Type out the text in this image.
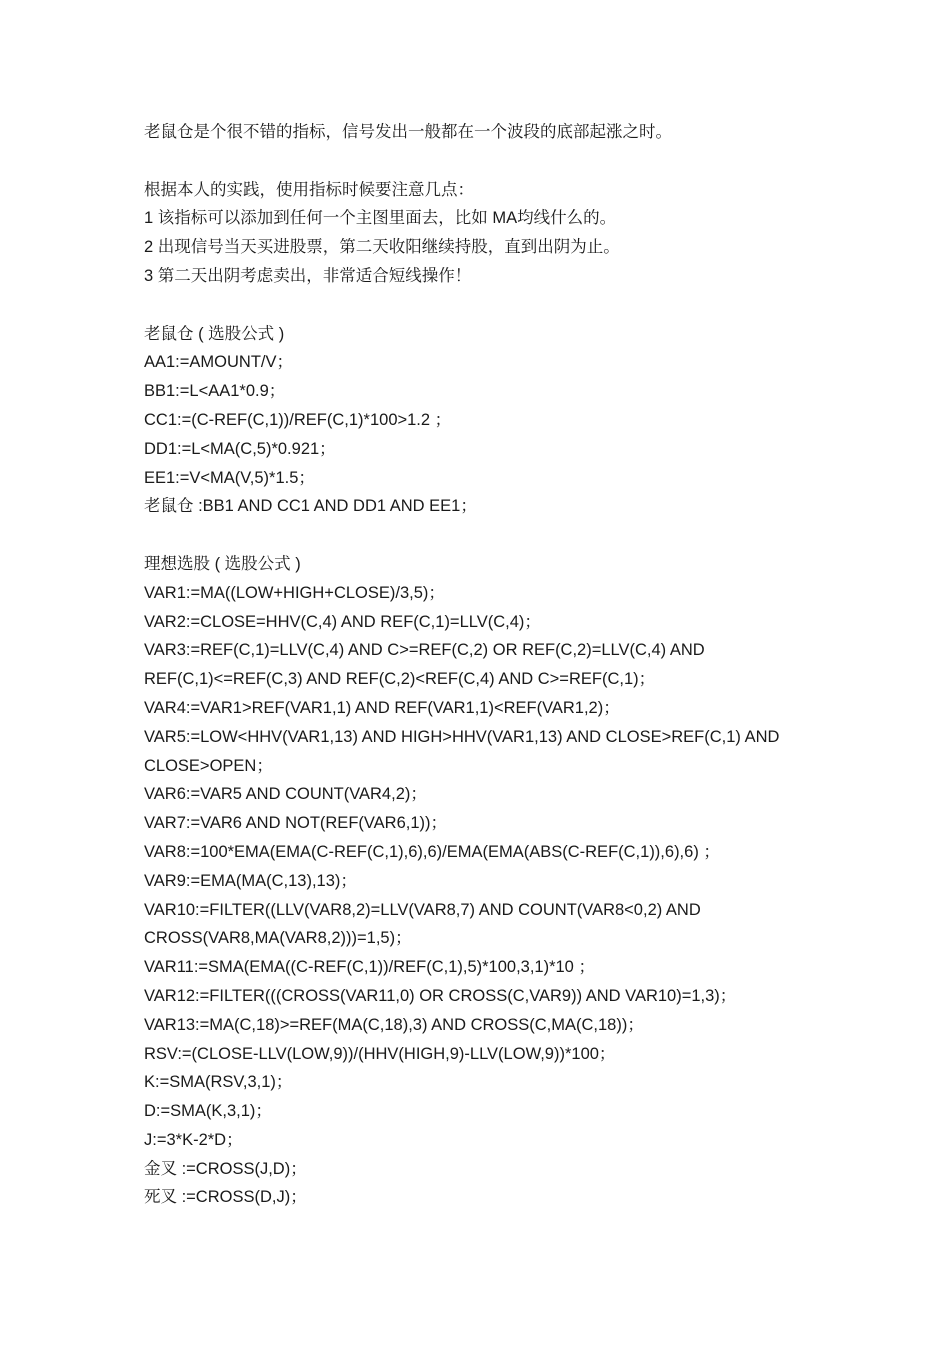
老鼠仓是个很不错的指标，信号发出一般都在一个波段的底部起涨之时。
根据本人的实践，使用指标时候要注意几点：
1 该指标可以添加到任何一个主图里面去，比如 MA均线什么的。
2 出现信号当天买进股票，第二天收阳继续持股，直到出阴为止。
3 第二天出阴考虑卖出，非常适合短线操作！
老鼠仓 ( 选股公式 )
AA1:=AMOUNT/V；
BB1:=L<AA1*0.9；
CC1:=(C-REF(C,1))/REF(C,1)*100>1.2 ；
DD1:=L<MA(C,5)*0.921；
EE1:=V<MA(V,5)*1.5；
老鼠仓 :BB1 AND CC1 AND DD1 AND EE1；
理想选股 ( 选股公式 )
VAR1:=MA((LOW+HIGH+CLOSE)/3,5)；
VAR2:=CLOSE=HHV(C,4) AND REF(C,1)=LLV(C,4)；
VAR3:=REF(C,1)=LLV(C,4) AND C>=REF(C,2) OR REF(C,2)=LLV(C,4) AND
REF(C,1)<=REF(C,3) AND REF(C,2)<REF(C,4) AND C>=REF(C,1)；
VAR4:=VAR1>REF(VAR1,1) AND REF(VAR1,1)<REF(VAR1,2)；
VAR5:=LOW<HHV(VAR1,13) AND HIGH>HHV(VAR1,13) AND CLOSE>REF(C,1) AND
CLOSE>OPEN；
VAR6:=VAR5 AND COUNT(VAR4,2)；
VAR7:=VAR6 AND NOT(REF(VAR6,1))；
VAR8:=100*EMA(EMA(C-REF(C,1),6),6)/EMA(EMA(ABS(C-REF(C,1)),6),6) ；
VAR9:=EMA(MA(C,13),13)；
VAR10:=FILTER((LLV(VAR8,2)=LLV(VAR8,7) AND COUNT(VAR8<0,2) AND
CROSS(VAR8,MA(VAR8,2)))=1,5)；
VAR11:=SMA(EMA((C-REF(C,1))/REF(C,1),5)*100,3,1)*10 ；
VAR12:=FILTER(((CROSS(VAR11,0) OR CROSS(C,VAR9)) AND VAR10)=1,3)；
VAR13:=MA(C,18)>=REF(MA(C,18),3) AND CROSS(C,MA(C,18))；
RSV:=(CLOSE-LLV(LOW,9))/(HHV(HIGH,9)-LLV(LOW,9))*100；
K:=SMA(RSV,3,1)；
D:=SMA(K,3,1)；
J:=3*K-2*D；
金叉 :=CROSS(J,D)；
死叉 :=CROSS(D,J)；
